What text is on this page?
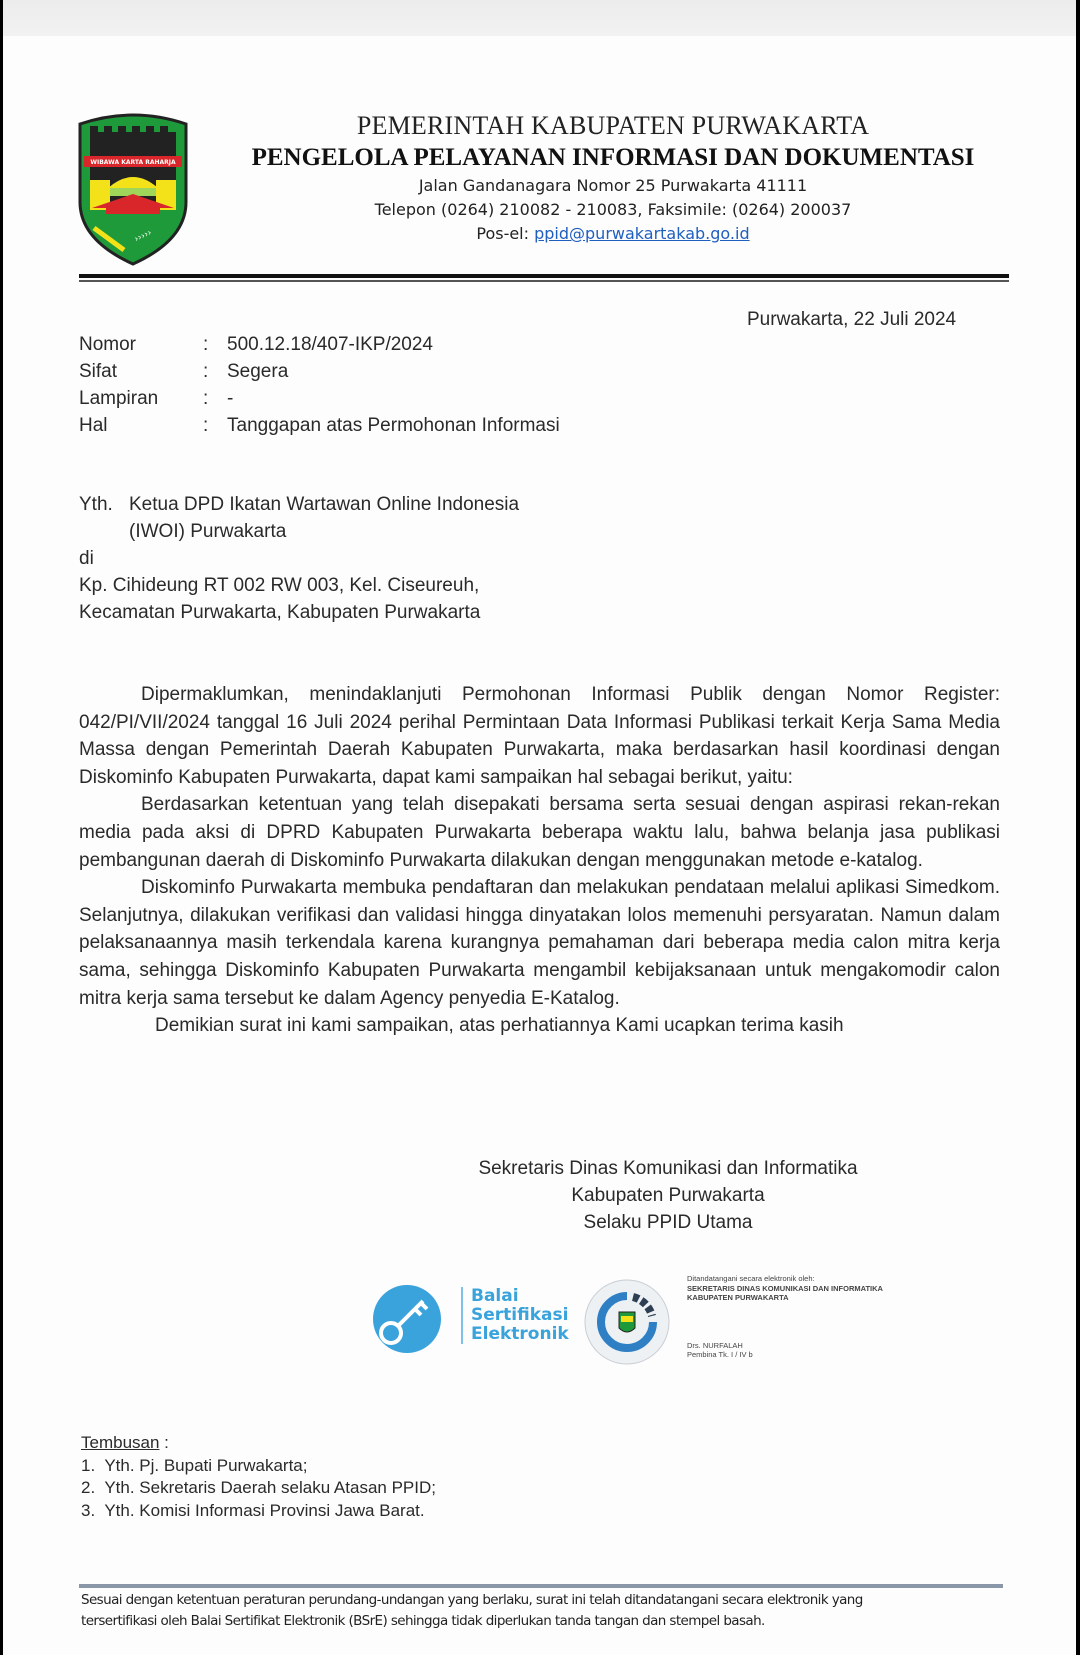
WIBAWA KARTA RAHARJA
›››››
PEMERINTAH KABUPATEN PURWAKARTA
PENGELOLA PELAYANAN INFORMASI DAN DOKUMENTASI
Jalan Gandanagara Nomor 25 Purwakarta 41111
Telepon (0264) 210082 - 210083, Faksimile: (0264) 200037
Pos-el: ppid@purwakartakab.go.id
Purwakarta, 22 Juli 2024
Nomor	: 500.12.18/407-IKP/2024
Sifat	: Segera
Lampiran : -
Hal	: Tanggapan atas Permohonan Informasi
Yth. Ketua DPD Ikatan Wartawan Online Indonesia
(IWOI) Purwakarta
di
Kp. Cihideung RT 002 RW 003, Kel. Ciseureuh,
Kecamatan Purwakarta, Kabupaten Purwakarta

Dipermaklumkan, menindaklanjuti Permohonan Informasi Publik dengan Nomor Register: 042/PI/VII/2024 tanggal 16 Juli 2024 perihal Permintaan Data Informasi Publikasi terkait Kerja Sama Media Massa dengan Pemerintah Daerah Kabupaten Purwakarta, maka berdasarkan hasil koordinasi dengan Diskominfo Kabupaten Purwakarta, dapat kami sampaikan hal sebagai berikut, yaitu:

Berdasarkan ketentuan yang telah disepakati bersama serta sesuai dengan aspirasi rekan-rekan media pada aksi di DPRD Kabupaten Purwakarta beberapa waktu lalu, bahwa belanja jasa publikasi pembangunan daerah di Diskominfo Purwakarta dilakukan dengan menggunakan metode e-katalog.

Diskominfo Purwakarta membuka pendaftaran dan melakukan pendataan melalui aplikasi Simedkom. Selanjutnya, dilakukan verifikasi dan validasi hingga dinyatakan lolos memenuhi persyaratan. Namun dalam pelaksanaannya masih terkendala karena kurangnya pemahaman dari beberapa media calon mitra kerja sama, sehingga Diskominfo Kabupaten Purwakarta mengambil kebijaksanaan untuk mengakomodir calon mitra kerja sama tersebut ke dalam Agency penyedia E-Katalog.

Demikian surat ini kami sampaikan, atas perhatiannya Kami ucapkan terima kasih

Sekretaris Dinas Komunikasi dan Informatika
Kabupaten Purwakarta
Selaku PPID Utama
Balai
Sertifikasi
Elektronik
Ditandatangani secara elektronik oleh:
SEKRETARIS DINAS KOMUNIKASI DAN INFORMATIKA
KABUPATEN PURWAKARTA
Drs. NURFALAH
Pembina Tk. I / IV b
Tembusan :
1.  Yth. Pj. Bupati Purwakarta;
2.  Yth. Sekretaris Daerah selaku Atasan PPID;
3.  Yth. Komisi Informasi Provinsi Jawa Barat.
Sesuai dengan ketentuan peraturan perundang-undangan yang berlaku, surat ini telah ditandatangani secara elektronik yang
tersertifikasi oleh Balai Sertifikat Elektronik (BSrE) sehingga tidak diperlukan tanda tangan dan stempel basah.
